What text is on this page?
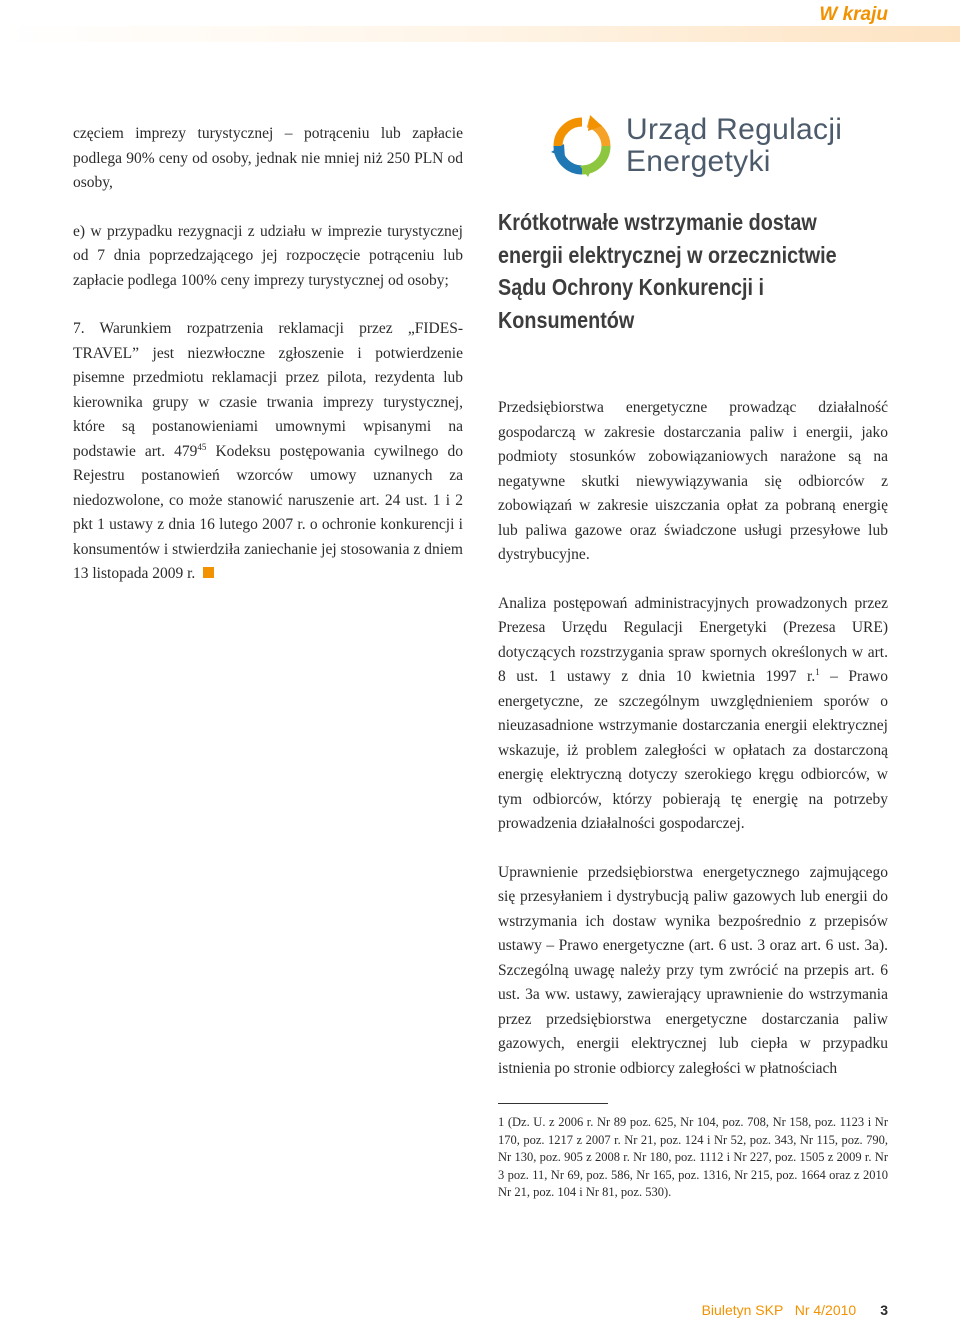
W kraju

częciem imprezy turystycznej – potrąceniu lub zapłacie podlega 90% ceny od osoby, jednak nie mniej niż 250 PLN od osoby,

e) w przypadku rezygnacji z udziału w imprezie turystycznej od 7 dnia poprzedzającego jej rozpoczęcie potrąceniu lub zapłacie podlega 100% ceny imprezy turystycznej od osoby;

7. Warunkiem rozpatrzenia reklamacji przez „FIDES-TRAVEL” jest niezwłoczne zgłoszenie i potwierdzenie pisemne przedmiotu reklamacji przez pilota, rezydenta lub kierownika grupy w czasie trwania imprezy turystycznej, które są postanowieniami umownymi wpisanymi na podstawie art. $479^{45}$ Kodeksu postępowania cywilnego do Rejestru postanowień wzorców umowy uznanych za niedozwolone, co może stanowić naruszenie art. 24 ust. 1 i 2 pkt 1 ustawy z dnia 16 lutego 2007 r. o ochronie konkurencji i konsumentów i stwierdziła zaniechanie jej stosowania z dniem 13 listopada 2009 r.

Urząd Regulacji
Energetyki
Krótkotrwałe wstrzymanie dostaw energii elektrycznej w orzecznictwie Sądu Ochrony Konkurencji i Konsumentów

Przedsiębiorstwa energetyczne prowadząc działalność gospodarczą w zakresie dostarczania paliw i energii, jako podmioty stosunków zobowiązaniowych narażone są na negatywne skutki niewywiązywania się odbiorców z zobowiązań w zakresie uiszczania opłat za pobraną energię lub paliwa gazowe oraz świadczone usługi przesyłowe lub dystrybucyjne.

Analiza postępowań administracyjnych prowadzonych przez Prezesa Urzędu Regulacji Energetyki (Prezesa URE) dotyczących rozstrzygania spraw spornych określonych w art. 8 ust. 1 ustawy z dnia 10 kwietnia 1997 r.$^1$ – Prawo energetyczne, ze szczególnym uwzględnieniem sporów o nieuzasadnione wstrzymanie dostarczania energii elektrycznej wskazuje, iż problem zaległości w opłatach za dostarczoną energię elektryczną dotyczy szerokiego kręgu odbiorców, w tym odbiorców, którzy pobierają tę energię na potrzeby prowadzenia działalności gospodarczej.

Uprawnienie przedsiębiorstwa energetycznego zajmującego się przesyłaniem i dystrybucją paliw gazowych lub energii do wstrzymania ich dostaw wynika bezpośrednio z przepisów ustawy – Prawo energetyczne (art. 6 ust. 3 oraz art. 6 ust. 3a). Szczególną uwagę należy przy tym zwrócić na przepis art. 6 ust. 3a ww. ustawy, zawierający uprawnienie do wstrzymania przez przedsiębiorstwa energetyczne dostarczania paliw gazowych, energii elektrycznej lub ciepła w przypadku istnienia po stronie odbiorcy zaległości w płatnościach

1 (Dz. U. z 2006 r. Nr 89 poz. 625, Nr 104, poz. 708, Nr 158, poz. 1123 i Nr 170, poz. 1217 z 2007 r. Nr 21, poz. 124 i Nr 52, poz. 343, Nr 115, poz. 790, Nr 130, poz. 905 z 2008 r. Nr 180, poz. 1112 i Nr 227, poz. 1505 z 2009 r. Nr 3 poz. 11, Nr 69, poz. 586, Nr 165, poz. 1316, Nr 215, poz. 1664 oraz z 2010 Nr 21, poz. 104 i Nr 81, poz. 530).

Biuletyn SKP   Nr 4/2010 3
